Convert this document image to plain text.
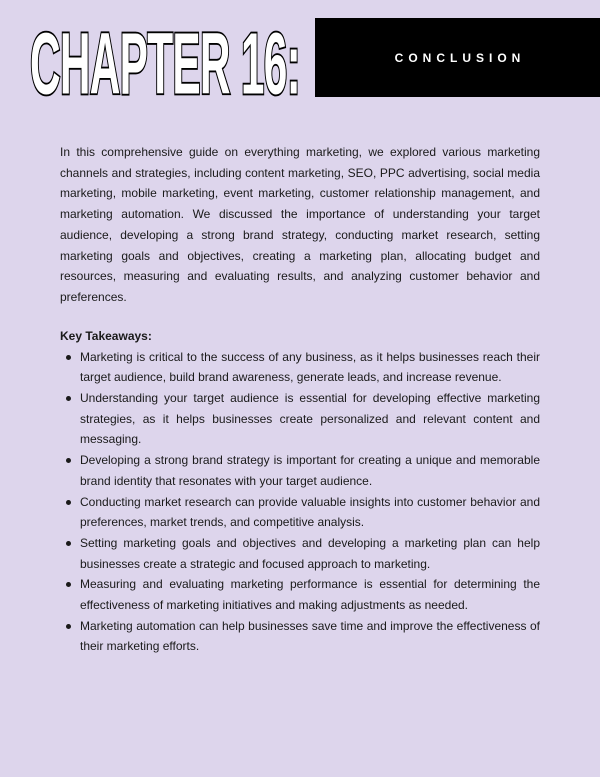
CHAPTER 16:	CONCLUSION

In this comprehensive guide on everything marketing, we explored various marketing channels and strategies, including content marketing, SEO, PPC advertising, social media marketing, mobile marketing, event marketing, customer relationship management, and marketing automation. We discussed the importance of understanding your target audience, developing a strong brand strategy, conducting market research, setting marketing goals and objectives, creating a marketing plan, allocating budget and resources, measuring and evaluating results, and analyzing customer behavior and preferences.

Key Takeaways:
Marketing is critical to the success of any business, as it helps businesses reach their target audience, build brand awareness, generate leads, and increase revenue.
Understanding your target audience is essential for developing effective marketing strategies, as it helps businesses create personalized and relevant content and messaging.
Developing a strong brand strategy is important for creating a unique and memorable brand identity that resonates with your target audience.
Conducting market research can provide valuable insights into customer behavior and preferences, market trends, and competitive analysis.
Setting marketing goals and objectives and developing a marketing plan can help businesses create a strategic and focused approach to marketing.
Measuring and evaluating marketing performance is essential for determining the effectiveness of marketing initiatives and making adjustments as needed.
Marketing automation can help businesses save time and improve the effectiveness of their marketing efforts.
